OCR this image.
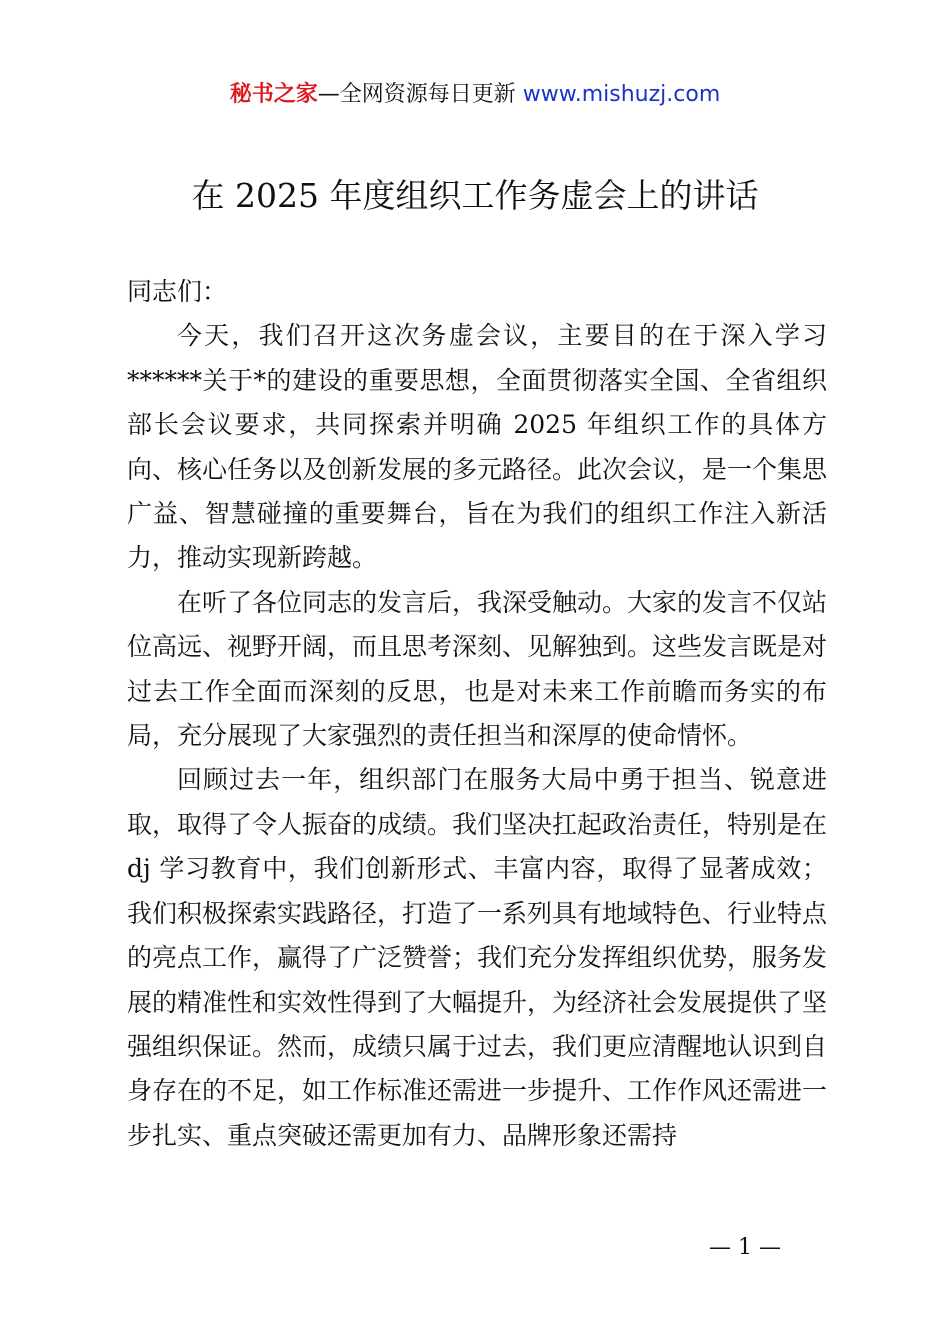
秘书之家—全网资源每日更新 www.mishuzj.com
在 2025 年度组织工作务虚会上的讲话

同志们：

今天，我们召开这次务虚会议，主要目的在于深入学习******关于*的建设的重要思想，全面贯彻落实全国、全省组织部长会议要求，共同探索并明确 2025 年组织工作的具体方向、核心任务以及创新发展的多元路径。此次会议，是一个集思广益、智慧碰撞的重要舞台，旨在为我们的组织工作注入新活力，推动实现新跨越。

在听了各位同志的发言后，我深受触动。大家的发言不仅站位高远、视野开阔，而且思考深刻、见解独到。这些发言既是对过去工作全面而深刻的反思，也是对未来工作前瞻而务实的布局，充分展现了大家强烈的责任担当和深厚的使命情怀。

回顾过去一年，组织部门在服务大局中勇于担当、锐意进取，取得了令人振奋的成绩。我们坚决扛起政治责任，特别是在 dj 学习教育中，我们创新形式、丰富内容，取得了显著成效；我们积极探索实践路径，打造了一系列具有地域特色、行业特点的亮点工作，赢得了广泛赞誉；我们充分发挥组织优势，服务发展的精准性和实效性得到了大幅提升，为经济社会发展提供了坚强组织保证。然而，成绩只属于过去，我们更应清醒地认识到自身存在的不足，如工作标准还需进一步提升、工作作风还需进一步扎实、重点突破还需更加有力、品牌形象还需持

— 1 —
